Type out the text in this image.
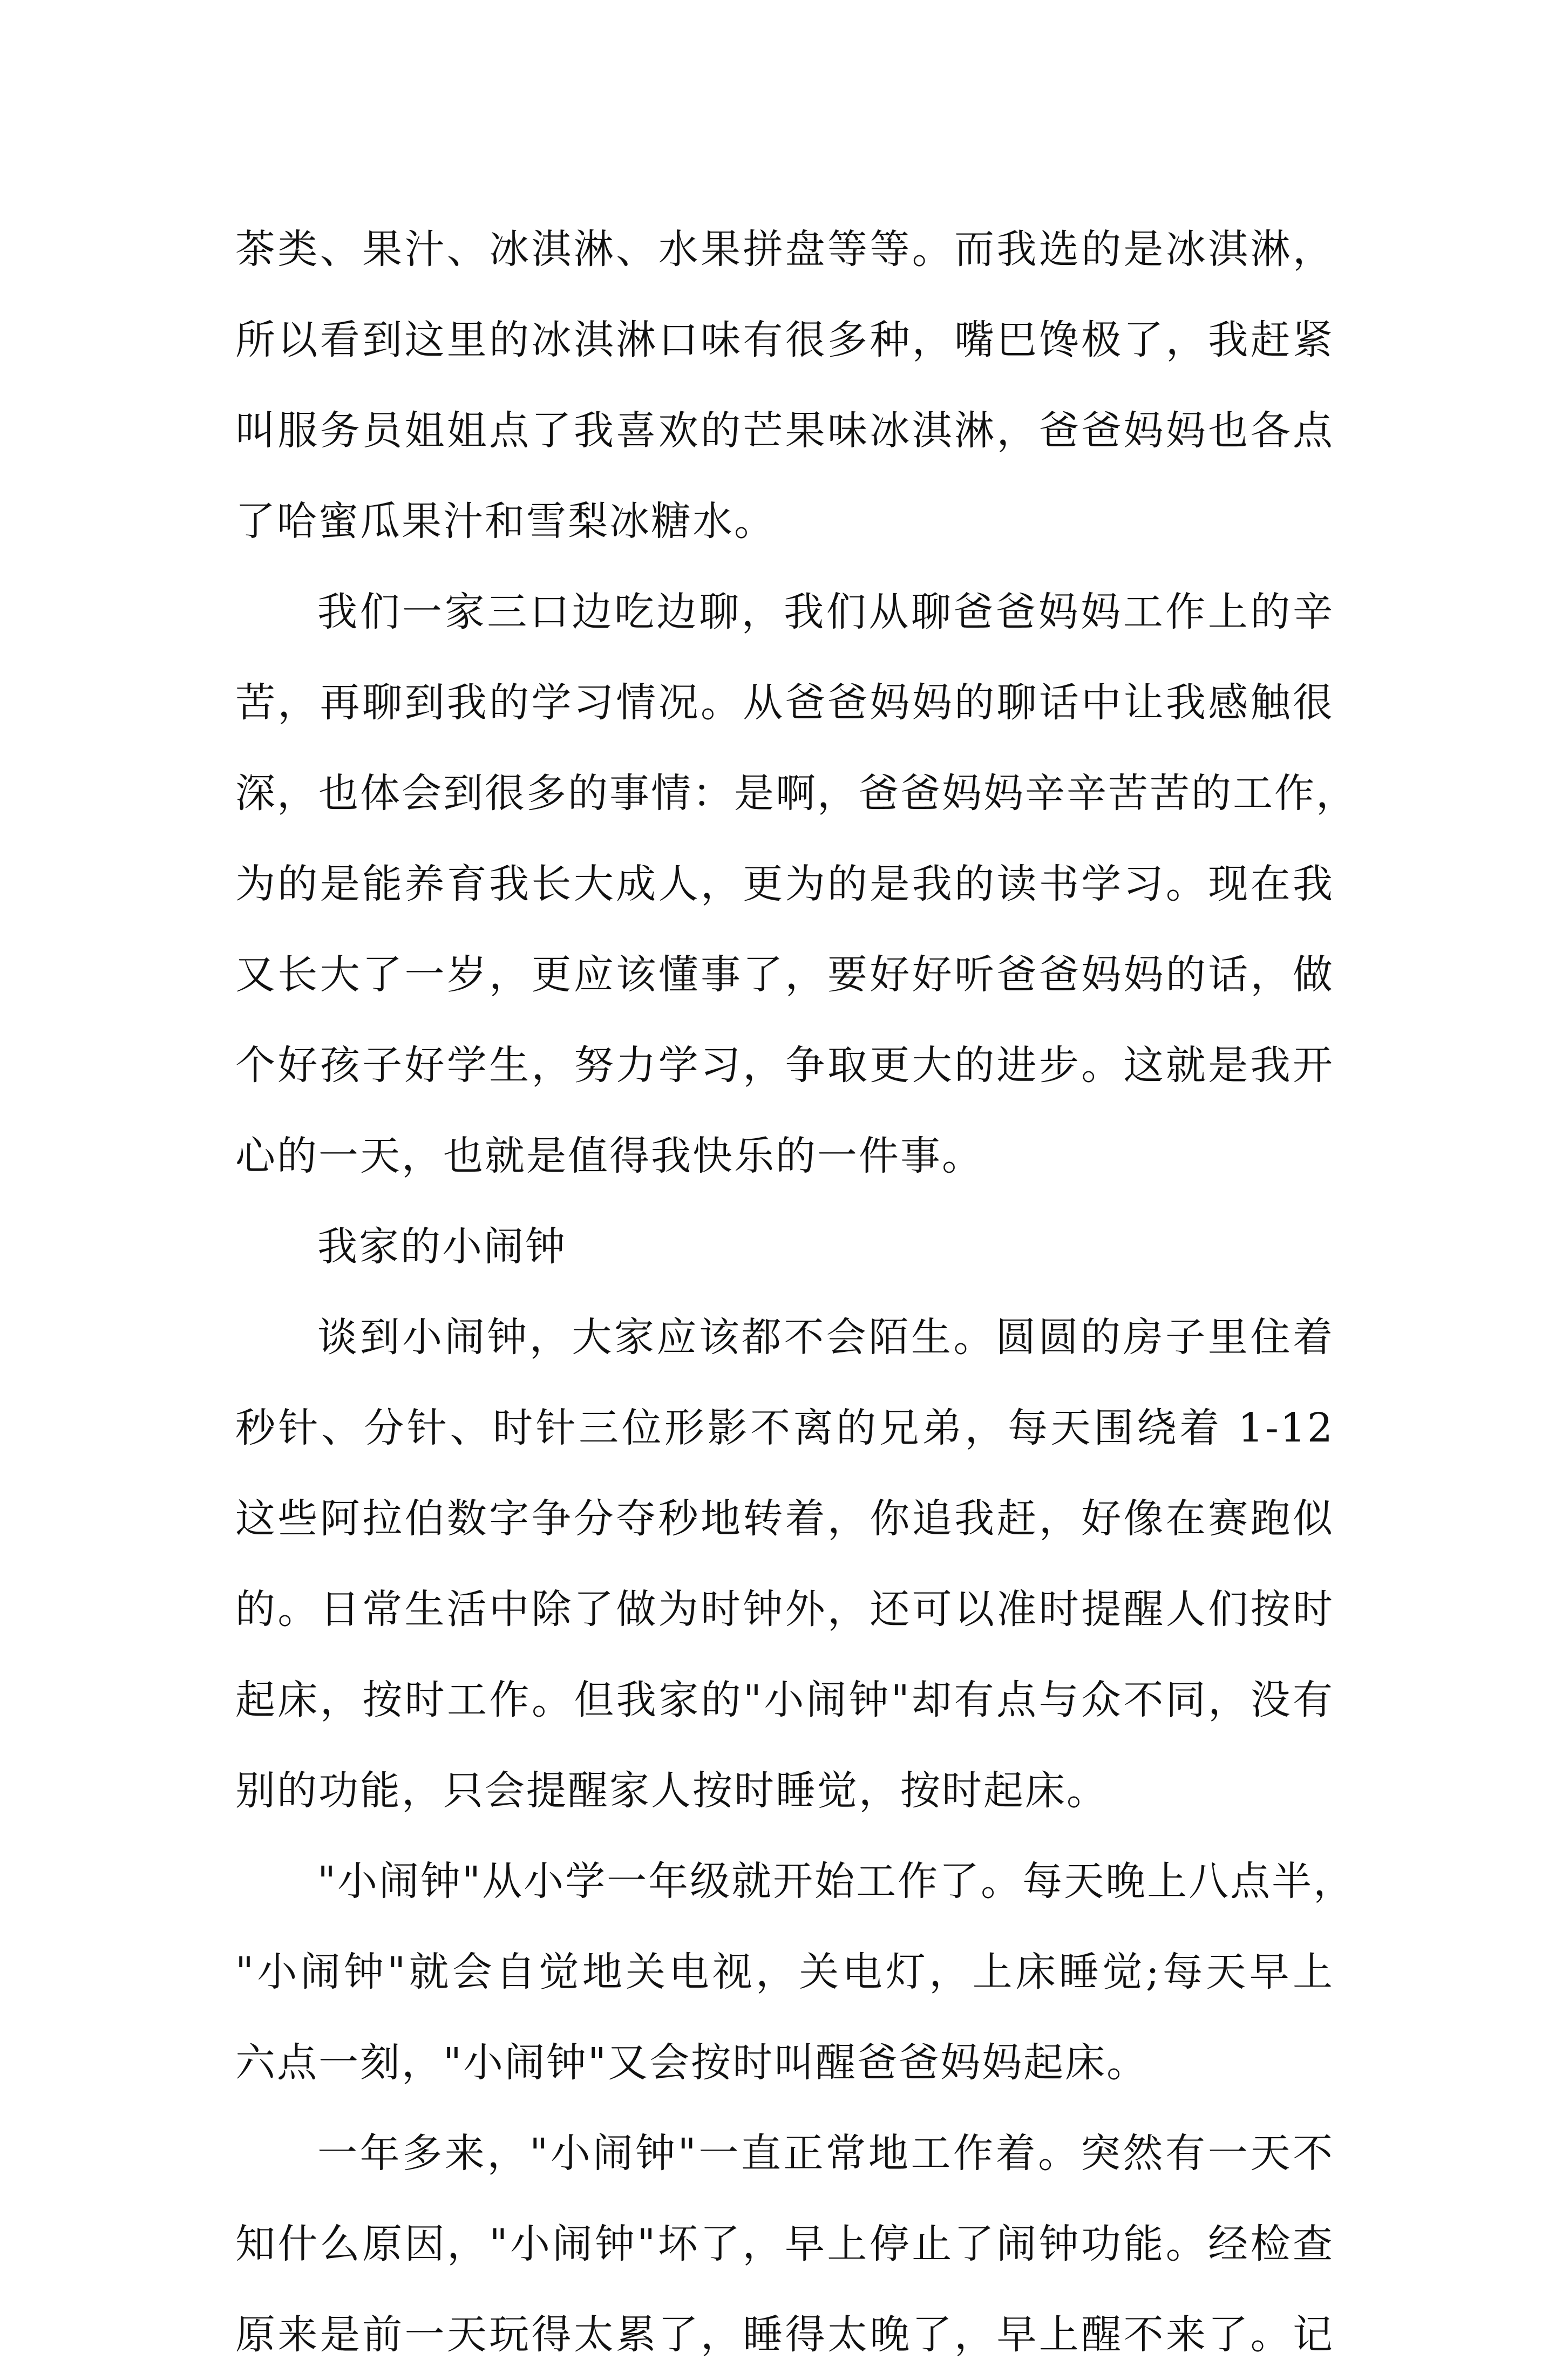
茶类、果汁、冰淇淋、水果拼盘等等。而我选的是冰淇淋，
所以看到这里的冰淇淋口味有很多种，嘴巴馋极了，我赶紧
叫服务员姐姐点了我喜欢的芒果味冰淇淋，爸爸妈妈也各点
了哈蜜瓜果汁和雪梨冰糖水。
我们一家三口边吃边聊，我们从聊爸爸妈妈工作上的辛
苦，再聊到我的学习情况。从爸爸妈妈的聊话中让我感触很
深，也体会到很多的事情：是啊，爸爸妈妈辛辛苦苦的工作，
为的是能养育我长大成人，更为的是我的读书学习。现在我
又长大了一岁，更应该懂事了，要好好听爸爸妈妈的话，做
个好孩子好学生，努力学习，争取更大的进步。这就是我开
心的一天，也就是值得我快乐的一件事。
我家的小闹钟
谈到小闹钟，大家应该都不会陌生。圆圆的房子里住着
秒针、分针、时针三位形影不离的兄弟，每天围绕着 1-12
这些阿拉伯数字争分夺秒地转着，你追我赶，好像在赛跑似
的。日常生活中除了做为时钟外，还可以准时提醒人们按时
起床，按时工作。但我家的"小闹钟"却有点与众不同，没有
别的功能，只会提醒家人按时睡觉，按时起床。
"小闹钟"从小学一年级就开始工作了。每天晚上八点半，
"小闹钟"就会自觉地关电视，关电灯，上床睡觉;每天早上
六点一刻，"小闹钟"又会按时叫醒爸爸妈妈起床。
一年多来，"小闹钟"一直正常地工作着。突然有一天不
知什么原因，"小闹钟"坏了，早上停止了闹钟功能。经检查
原来是前一天玩得太累了，睡得太晚了，早上醒不来了。记
